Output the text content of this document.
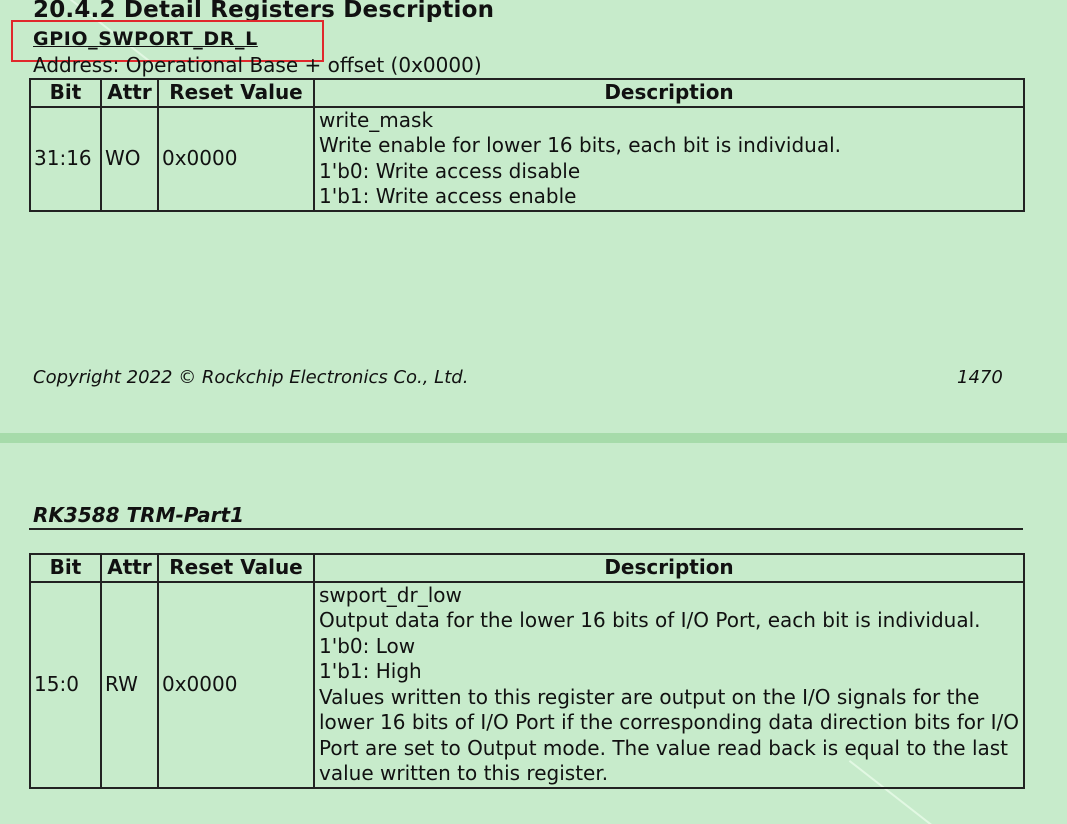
20.4.2 Detail Registers Description
GPIO_SWPORT_DR_L
Address: Operational Base + offset (0x0000)
Bit	Attr	Reset Value	Description
31:16	WO	0x0000	write_mask
Write enable for lower 16 bits, each bit is individual.
1'b0: Write access disable
1'b1: Write access enable
Copyright 2022 © Rockchip Electronics Co., Ltd.	1470
RK3588 TRM-Part1
Bit	Attr	Reset Value	Description
15:0	RW	0x0000	swport_dr_low
Output data for the lower 16 bits of I/O Port, each bit is individual.
1'b0: Low
1'b1: High
Values written to this register are output on the I/O signals for the lower 16 bits of I/O Port if the corresponding data direction bits for I/O Port are set to Output mode. The value read back is equal to the last value written to this register.
